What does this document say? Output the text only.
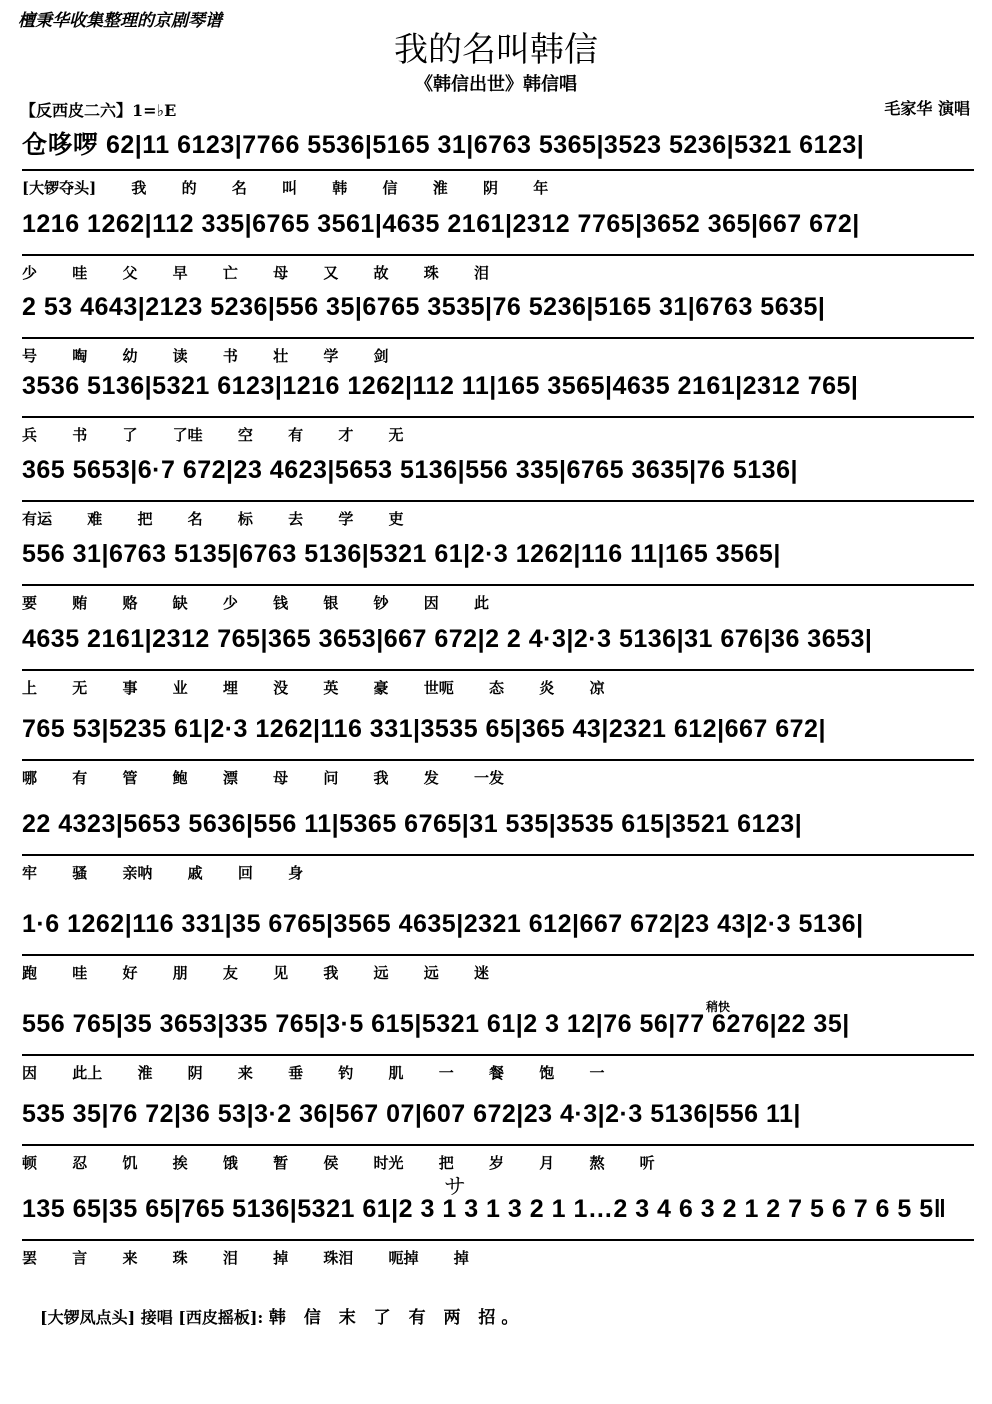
檀秉华收集整理的京剧琴谱
我的名叫韩信
《韩信出世》韩信唱
【反西皮二六】1=♭E	毛家华 演唱
仓哆啰 62|11 6123|7766 5536|5165 31|6763 5365|3523 5236|5321 6123|
[大锣夺头] 我 的 名 叫 韩 信 淮 阴 年
1216 1262|112 335|6765 3561|4635 2161|2312 7765|3652 365|667 672|
少 哇 父 早 亡 母 又 故 珠 泪
2 53 4643|2123 5236|556 35|6765 3535|76 5236|5165 31|6763 5635|
号 啕 幼 读 书 壮 学 剑
3536 5136|5321 6123|1216 1262|112 11|165 3565|4635 2161|2312 765|
兵 书 了 了哇 空 有 才 无
365 5653|6·7 672|23 4623|5653 5136|556 335|6765 3635|76 5136|
有运 难 把 名 标 去 学 吏
556 31|6763 5135|6763 5136|5321 61|2·3 1262|116 11|165 3565|
要 贿 赂 缺 少 钱 银 钞 因 此
4635 2161|2312 765|365 3653|667 672|2 2 4·3|2·3 5136|31 676|36 3653|
上 无 事 业 埋 没 英 豪 世呃 态 炎 凉
765 53|5235 61|2·3 1262|116 331|3535 65|365 43|2321 612|667 672|
哪 有 管 鲍 漂 母 问 我 发 一发
22 4323|5653 5636|556 11|5365 6765|31 535|3535 615|3521 6123|
牢 骚 亲呐 戚 回 身
1·6 1262|116 331|35 6765|3565 4635|2321 612|667 672|23 43|2·3 5136|
跑 哇 好 朋 友 见 我 远 远 迷
556 765|35 3653|335 765|3·5 615|5321 61|2 3 12|76 56|77 6276|22 35|
因 此上 淮 阴 来 垂 钓 肌 一 餐 饱 一
535 35|76 72|36 53|3·2 36|567 07|607 672|23 4·3|2·3 5136|556 11|
顿 忍 饥 挨 饿 暂 侯 时光 把 岁 月 熬 听
135 65|35 65|765 5136|5321 61|2 3 1 3 1 3 2 1 1…2 3 4 6 3 2 1 2 7 5 6 7 6 5 5‖
罢 言 来 珠 泪 掉 珠泪 呃掉 掉
稍快
サ
[大锣凤点头] 接唱 [西皮摇板]: 韩 信 末 了 有 两 招。
